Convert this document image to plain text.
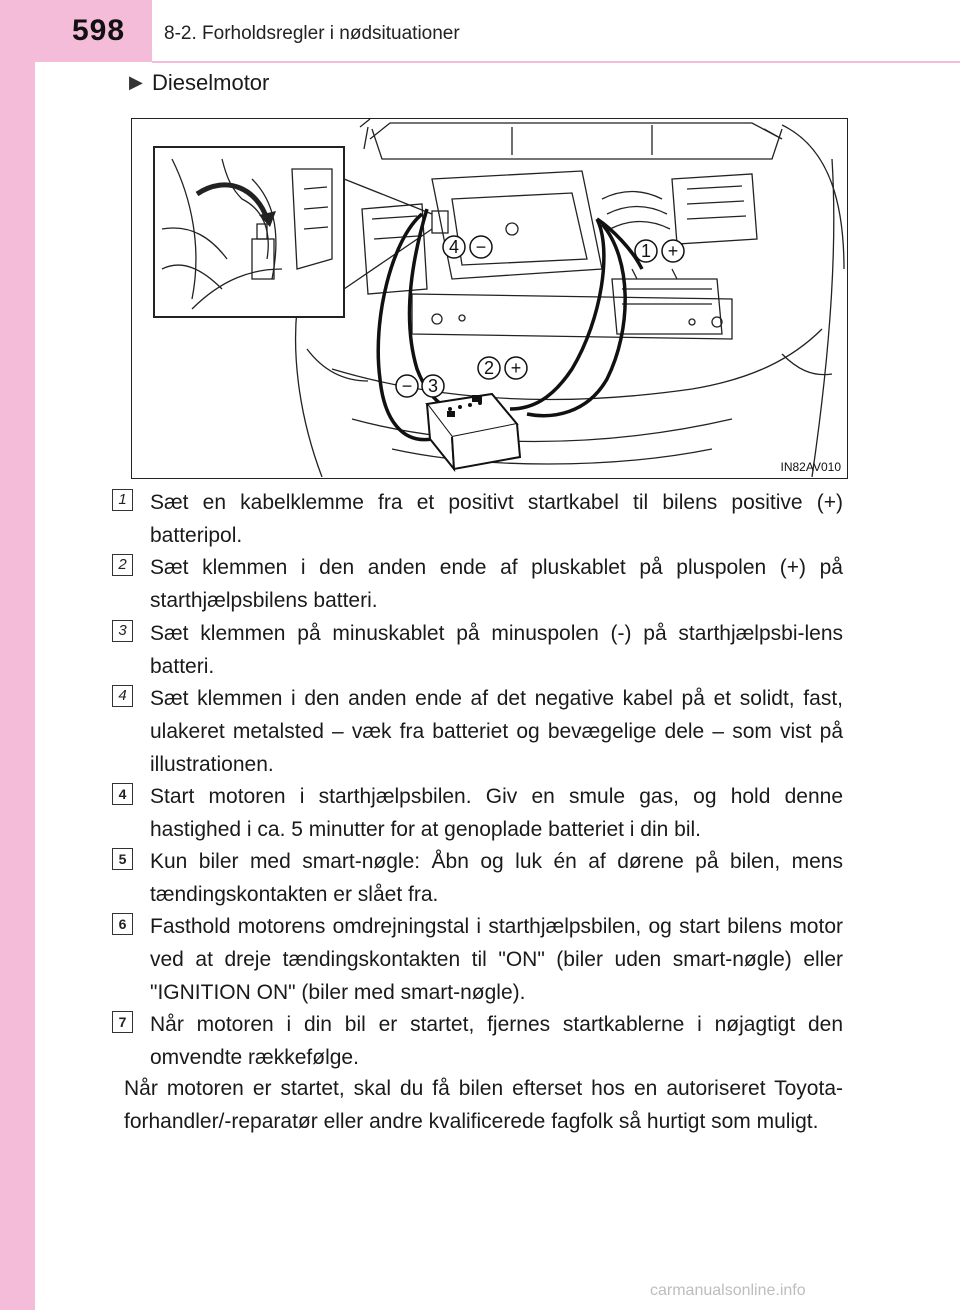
598 8-2. Forholdsregler i nødsituationer
▶ Dieselmotor
4 −	1 +
2 +
− 3
IN82AV010
1	Sæt en kabelklemme fra et positivt startkabel til bilens positive (+) batteripol.
2	Sæt klemmen i den anden ende af pluskablet på pluspolen (+) på starthjælpsbilens batteri.
3	Sæt klemmen på minuskablet på minuspolen (-) på starthjælpsbi-lens batteri.
4	Sæt klemmen i den anden ende af det negative kabel på et solidt, fast, ulakeret metalsted – væk fra batteriet og bevægelige dele – som vist på illustrationen.
4	Start motoren i starthjælpsbilen. Giv en smule gas, og hold denne hastighed i ca. 5 minutter for at genoplade batteriet i din bil.
5	Kun biler med smart-nøgle: Åbn og luk én af dørene på bilen, mens tændingskontakten er slået fra.
6	Fasthold motorens omdrejningstal i starthjælpsbilen, og start bilens motor ved at dreje tændingskontakten til "ON" (biler uden smart-nøgle) eller "IGNITION ON" (biler med smart-nøgle).
7	Når motoren i din bil er startet, fjernes startkablerne i nøjagtigt den omvendte rækkefølge.
Når motoren er startet, skal du få bilen efterset hos en autoriseret Toyota-forhandler/-reparatør eller andre kvalificerede fagfolk så hurtigt som muligt.
carmanualsonline.info
